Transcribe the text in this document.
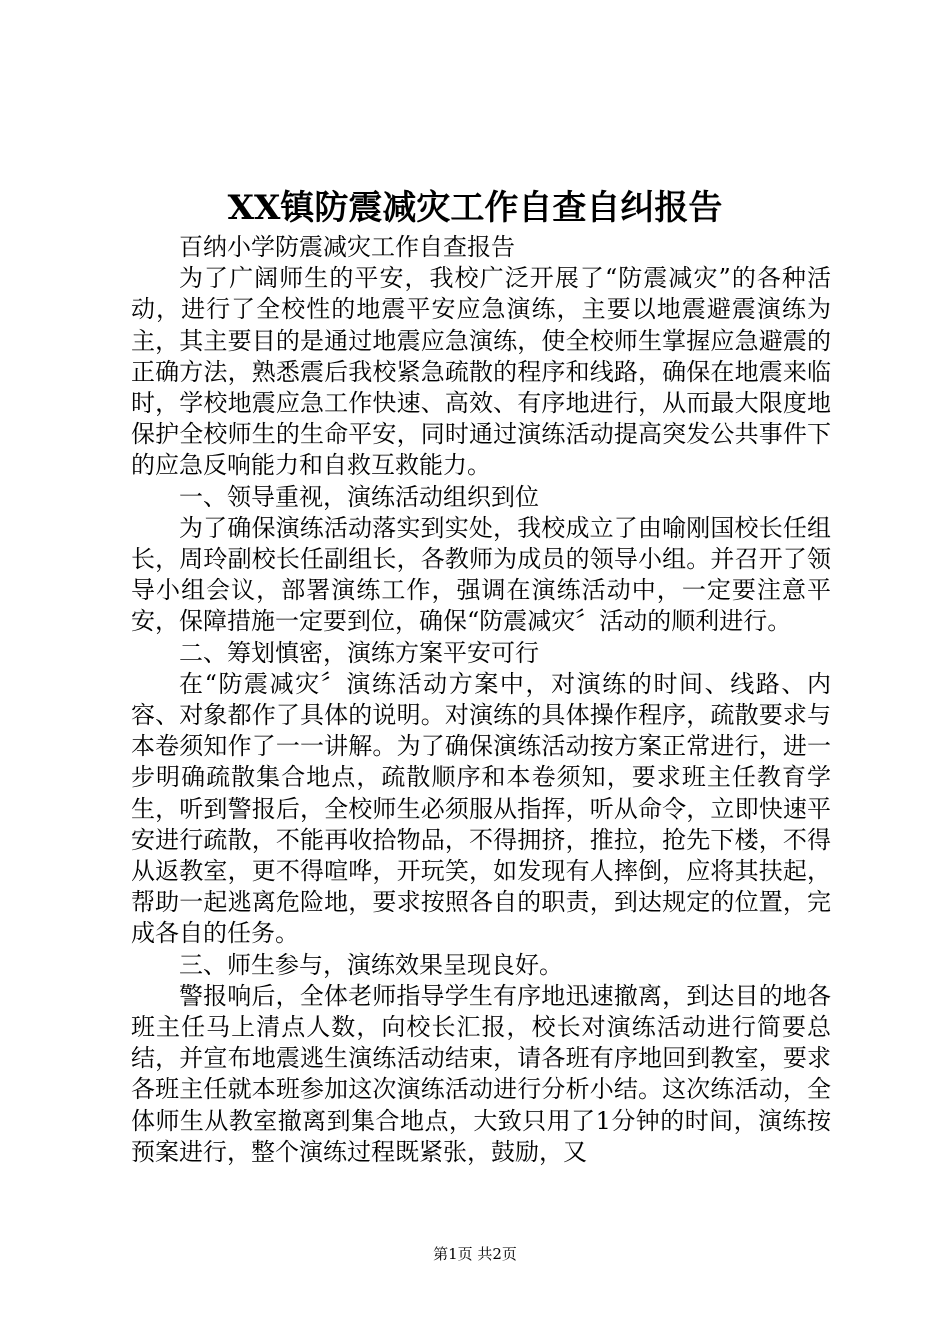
XX镇防震减灾工作自查自纠报告

百纳小学防震减灾工作自查报告

为了广阔师生的平安，我校广泛开展了“防震减灾”的各种活动，进行了全校性的地震平安应急演练，主要以地震避震演练为主，其主要目的是通过地震应急演练，使全校师生掌握应急避震的正确方法，熟悉震后我校紧急疏散的程序和线路，确保在地震来临时，学校地震应急工作快速、高效、有序地进行，从而最大限度地保护全校师生的生命平安，同时通过演练活动提高突发公共事件下的应急反响能力和自救互救能力。

一、领导重视，演练活动组织到位

为了确保演练活动落实到实处，我校成立了由喻刚国校长任组长，周玲副校长任副组长，各教师为成员的领导小组。并召开了领导小组会议，部署演练工作，强调在演练活动中，一定要注意平安，保障措施一定要到位，确保“防震减灾〞活动的顺利进行。

二、筹划慎密，演练方案平安可行

在“防震减灾〞演练活动方案中，对演练的时间、线路、内容、对象都作了具体的说明。对演练的具体操作程序，疏散要求与本卷须知作了一一讲解。为了确保演练活动按方案正常进行，进一步明确疏散集合地点，疏散顺序和本卷须知，要求班主任教育学生，听到警报后，全校师生必须服从指挥，听从命令，立即快速平安进行疏散，不能再收拾物品，不得拥挤，推拉，抢先下楼，不得从返教室，更不得喧哗，开玩笑，如发现有人摔倒，应将其扶起，帮助一起逃离危险地，要求按照各自的职责，到达规定的位置，完成各自的任务。

三、师生参与，演练效果呈现良好。

警报响后，全体老师指导学生有序地迅速撤离，到达目的地各班主任马上清点人数，向校长汇报，校长对演练活动进行简要总结，并宣布地震逃生演练活动结束，请各班有序地回到教室，要求各班主任就本班参加这次演练活动进行分析小结。这次练活动，全体师生从教室撤离到集合地点，大致只用了1分钟的时间，演练按预案进行，整个演练过程既紧张，鼓励，又

第1页 共2页
